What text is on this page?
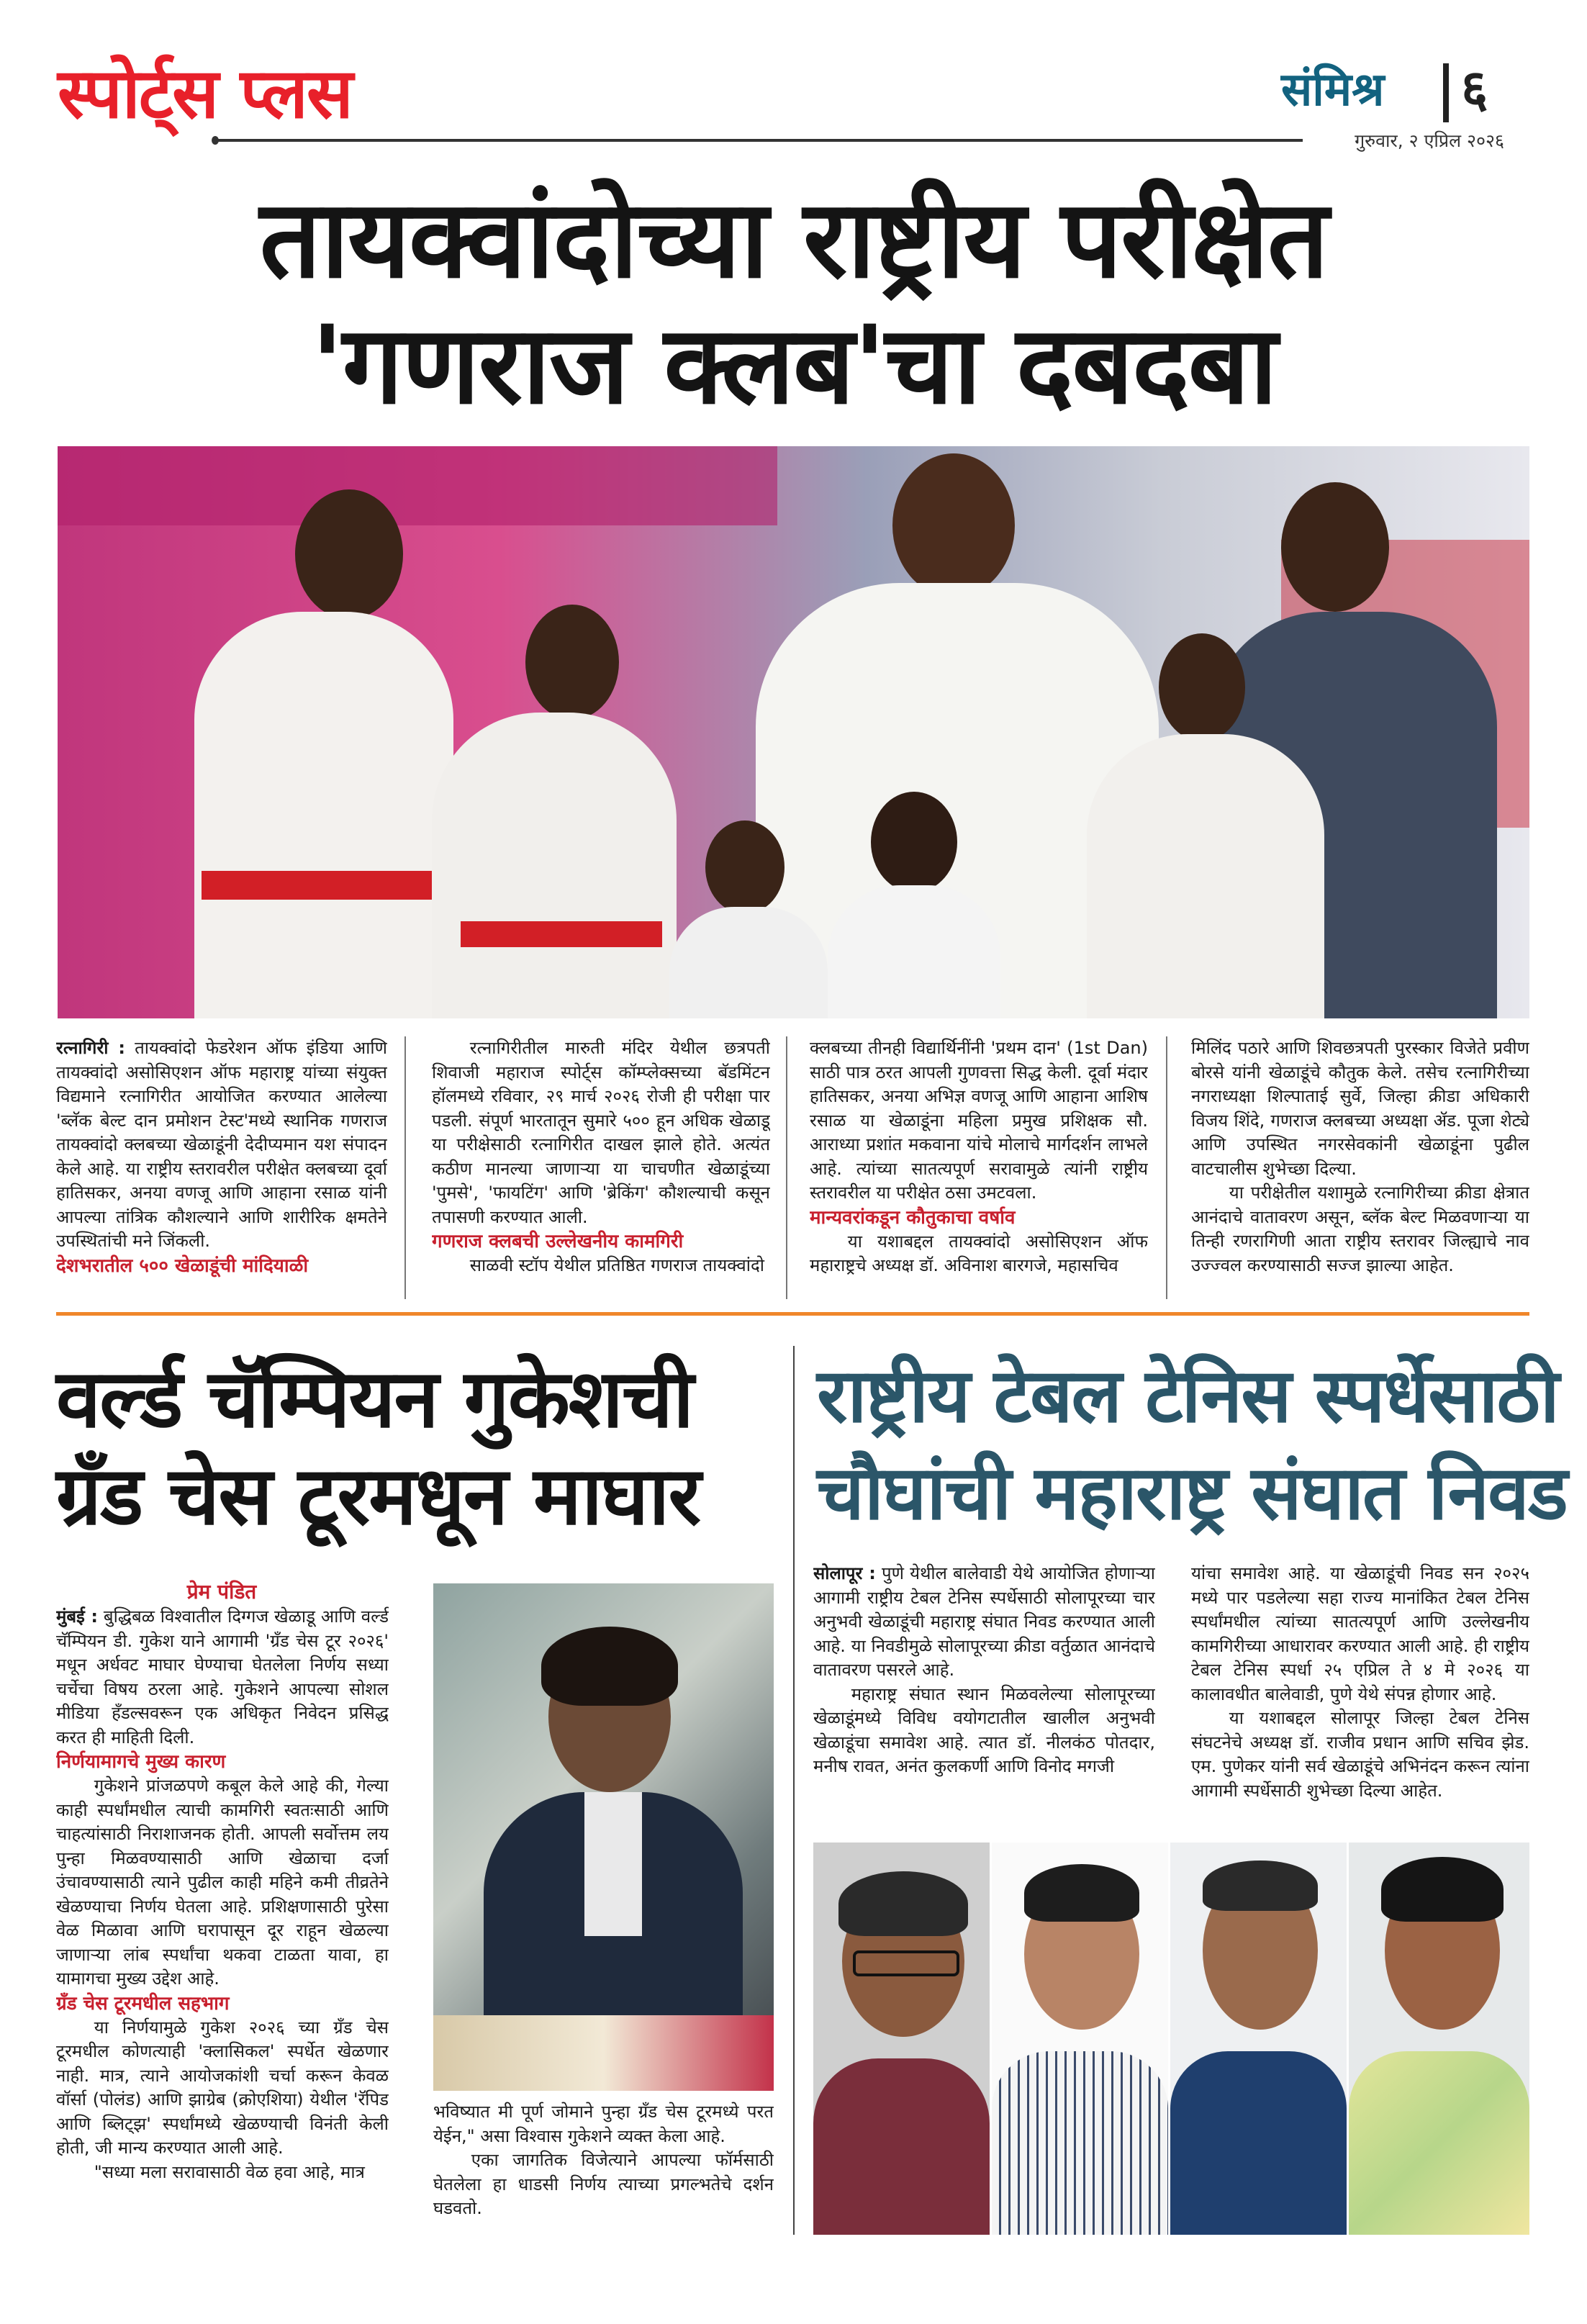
स्पोर्ट्स प्लस	संमिश्र ६
गुरुवार, २ एप्रिल २०२६
तायक्वांदोच्या राष्ट्रीय परीक्षेत
'गणराज क्लब'चा दबदबा

रत्नागिरी : तायक्वांदो फेडरेशन ऑफ इंडिया आणि तायक्वांदो असोसिएशन ऑफ महाराष्ट्र यांच्या संयुक्त विद्यमाने रत्नागिरीत आयोजित करण्यात आलेल्या 'ब्लॅक बेल्ट दान प्रमोशन टेस्ट'मध्ये स्थानिक गणराज तायक्वांदो क्लबच्या खेळाडूंनी देदीप्यमान यश संपादन केले आहे. या राष्ट्रीय स्तरावरील परीक्षेत क्लबच्या दूर्वा हातिसकर, अनया वणजू आणि आहाना रसाळ यांनी आपल्या तांत्रिक कौशल्याने आणि शारीरिक क्षमतेने उपस्थितांची मने जिंकली.

देशभरातील ५०० खेळाडूंची मांदियाळी

रत्नागिरीतील मारुती मंदिर येथील छत्रपती शिवाजी महाराज स्पोर्ट्स कॉम्प्लेक्सच्या बॅडमिंटन हॉलमध्ये रविवार, २९ मार्च २०२६ रोजी ही परीक्षा पार पडली. संपूर्ण भारतातून सुमारे ५०० हून अधिक खेळाडू या परीक्षेसाठी रत्नागिरीत दाखल झाले होते. अत्यंत कठीण मानल्या जाणाऱ्या या चाचणीत खेळाडूंच्या 'पुमसे', 'फायटिंग' आणि 'ब्रेकिंग' कौशल्याची कसून तपासणी करण्यात आली.

गणराज क्लबची उल्लेखनीय कामगिरी

साळवी स्टॉप येथील प्रतिष्ठित गणराज तायक्वांदो

क्लबच्या तीनही विद्यार्थिनींनी 'प्रथम दान' (1st Dan) साठी पात्र ठरत आपली गुणवत्ता सिद्ध केली. दूर्वा मंदार हातिसकर, अनया अभिज्ञ वणजू आणि आहाना आशिष रसाळ या खेळाडूंना महिला प्रमुख प्रशिक्षक सौ. आराध्या प्रशांत मकवाना यांचे मोलाचे मार्गदर्शन लाभले आहे. त्यांच्या सातत्यपूर्ण सरावामुळे त्यांनी राष्ट्रीय स्तरावरील या परीक्षेत ठसा उमटवला.

मान्यवरांकडून कौतुकाचा वर्षाव

या यशाबद्दल तायक्वांदो असोसिएशन ऑफ महाराष्ट्रचे अध्यक्ष डॉ. अविनाश बारगजे, महासचिव

मिलिंद पठारे आणि शिवछत्रपती पुरस्कार विजेते प्रवीण बोरसे यांनी खेळाडूंचे कौतुक केले. तसेच रत्नागिरीच्या नगराध्यक्षा शिल्पाताई सुर्वे, जिल्हा क्रीडा अधिकारी विजय शिंदे, गणराज क्लबच्या अध्यक्षा ॲड. पूजा शेट्ये आणि उपस्थित नगरसेवकांनी खेळाडूंना पुढील वाटचालीस शुभेच्छा दिल्या.

या परीक्षेतील यशामुळे रत्नागिरीच्या क्रीडा क्षेत्रात आनंदाचे वातावरण असून, ब्लॅक बेल्ट मिळवणाऱ्या या तिन्ही रणरागिणी आता राष्ट्रीय स्तरावर जिल्ह्याचे नाव उज्ज्वल करण्यासाठी सज्ज झाल्या आहेत.

वर्ल्ड चॅम्पियन गुकेशची
ग्रँड चेस टूरमधून माघार
प्रेम पंडित

मुंबई : बुद्धिबळ विश्वातील दिग्गज खेळाडू आणि वर्ल्ड चॅम्पियन डी. गुकेश याने आगामी 'ग्रँड चेस टूर २०२६' मधून अर्धवट माघार घेण्याचा घेतलेला निर्णय सध्या चर्चेचा विषय ठरला आहे. गुकेशने आपल्या सोशल मीडिया हँडल्सवरून एक अधिकृत निवेदन प्रसिद्ध करत ही माहिती दिली.

निर्णयामागचे मुख्य कारण

गुकेशने प्रांजळपणे कबूल केले आहे की, गेल्या काही स्पर्धांमधील त्याची कामगिरी स्वतःसाठी आणि चाहत्यांसाठी निराशाजनक होती. आपली सर्वोत्तम लय पुन्हा मिळवण्यासाठी आणि खेळाचा दर्जा उंचावण्यासाठी त्याने पुढील काही महिने कमी तीव्रतेने खेळण्याचा निर्णय घेतला आहे. प्रशिक्षणासाठी पुरेसा वेळ मिळावा आणि घरापासून दूर राहून खेळल्या जाणाऱ्या लांब स्पर्धांचा थकवा टाळता यावा, हा यामागचा मुख्य उद्देश आहे.

ग्रँड चेस टूरमधील सहभाग

या निर्णयामुळे गुकेश २०२६ च्या ग्रँड चेस टूरमधील कोणत्याही 'क्लासिकल' स्पर्धेत खेळणार नाही. मात्र, त्याने आयोजकांशी चर्चा करून केवळ वॉर्सा (पोलंड) आणि झाग्रेब (क्रोएशिया) येथील 'रॅपिड आणि ब्लिट्झ' स्पर्धांमध्ये खेळण्याची विनंती केली होती, जी मान्य करण्यात आली आहे.

"सध्या मला सरावासाठी वेळ हवा आहे, मात्र

भविष्यात मी पूर्ण जोमाने पुन्हा ग्रँड चेस टूरमध्ये परत येईन," असा विश्वास गुकेशने व्यक्त केला आहे.

एका जागतिक विजेत्याने आपल्या फॉर्मसाठी घेतलेला हा धाडसी निर्णय त्याच्या प्रगल्भतेचे दर्शन घडवतो.

राष्ट्रीय टेबल टेनिस स्पर्धेसाठी
चौघांची महाराष्ट्र संघात निवड

सोलापूर : पुणे येथील बालेवाडी येथे आयोजित होणाऱ्या आगामी राष्ट्रीय टेबल टेनिस स्पर्धेसाठी सोलापूरच्या चार अनुभवी खेळाडूंची महाराष्ट्र संघात निवड करण्यात आली आहे. या निवडीमुळे सोलापूरच्या क्रीडा वर्तुळात आनंदाचे वातावरण पसरले आहे.

महाराष्ट्र संघात स्थान मिळवलेल्या सोलापूरच्या खेळाडूंमध्ये विविध वयोगटातील खालील अनुभवी खेळाडूंचा समावेश आहे. त्यात डॉ. नीलकंठ पोतदार, मनीष रावत, अनंत कुलकर्णी आणि विनोद मगजी

यांचा समावेश आहे. या खेळाडूंची निवड सन २०२५ मध्ये पार पडलेल्या सहा राज्य मानांकित टेबल टेनिस स्पर्धांमधील त्यांच्या सातत्यपूर्ण आणि उल्लेखनीय कामगिरीच्या आधारावर करण्यात आली आहे. ही राष्ट्रीय टेबल टेनिस स्पर्धा २५ एप्रिल ते ४ मे २०२६ या कालावधीत बालेवाडी, पुणे येथे संपन्न होणार आहे.

या यशाबद्दल सोलापूर जिल्हा टेबल टेनिस संघटनेचे अध्यक्ष डॉ. राजीव प्रधान आणि सचिव झेड. एम. पुणेकर यांनी सर्व खेळाडूंचे अभिनंदन करून त्यांना आगामी स्पर्धेसाठी शुभेच्छा दिल्या आहेत.
